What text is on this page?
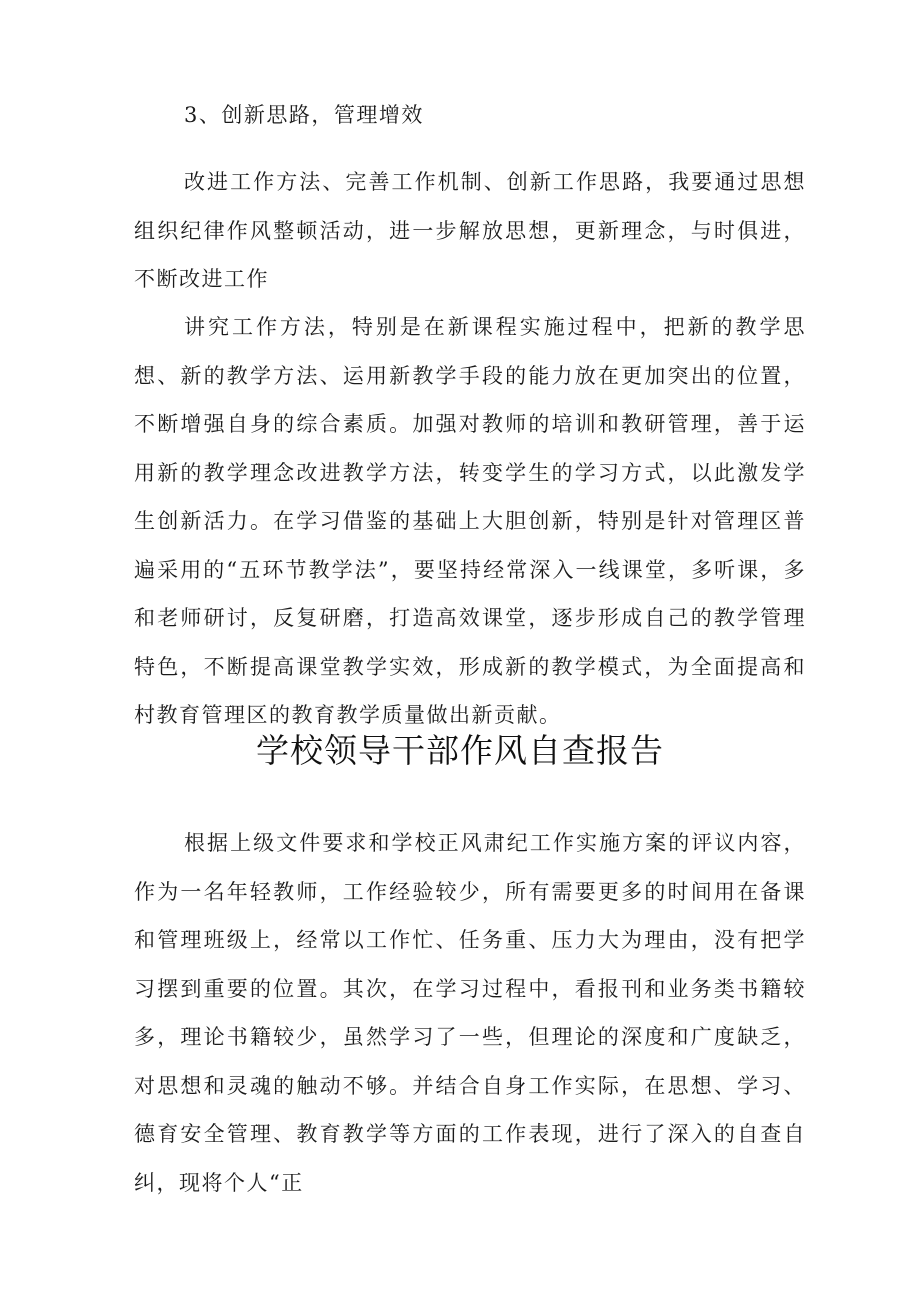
3、创新思路，管理增效
改进工作方法、完善工作机制、创新工作思路，我要通过思想组织纪律作风整顿活动，进一步解放思想，更新理念，与时俱进，不断改进工作
讲究工作方法，特别是在新课程实施过程中，把新的教学思想、新的教学方法、运用新教学手段的能力放在更加突出的位置，不断增强自身的综合素质。加强对教师的培训和教研管理，善于运用新的教学理念改进教学方法，转变学生的学习方式，以此激发学生创新活力。在学习借鉴的基础上大胆创新，特别是针对管理区普遍采用的“五环节教学法”，要坚持经常深入一线课堂，多听课，多和老师研讨，反复研磨，打造高效课堂，逐步形成自己的教学管理特色，不断提高课堂教学实效，形成新的教学模式，为全面提高和村教育管理区的教育教学质量做出新贡献。
学校领导干部作风自查报告
根据上级文件要求和学校正风肃纪工作实施方案的评议内容，作为一名年轻教师，工作经验较少，所有需要更多的时间用在备课和管理班级上，经常以工作忙、任务重、压力大为理由，没有把学习摆到重要的位置。其次，在学习过程中，看报刊和业务类书籍较多，理论书籍较少，虽然学习了一些，但理论的深度和广度缺乏，对思想和灵魂的触动不够。并结合自身工作实际，在思想、学习、德育安全管理、教育教学等方面的工作表现，进行了深入的自查自纠，现将个人“正
